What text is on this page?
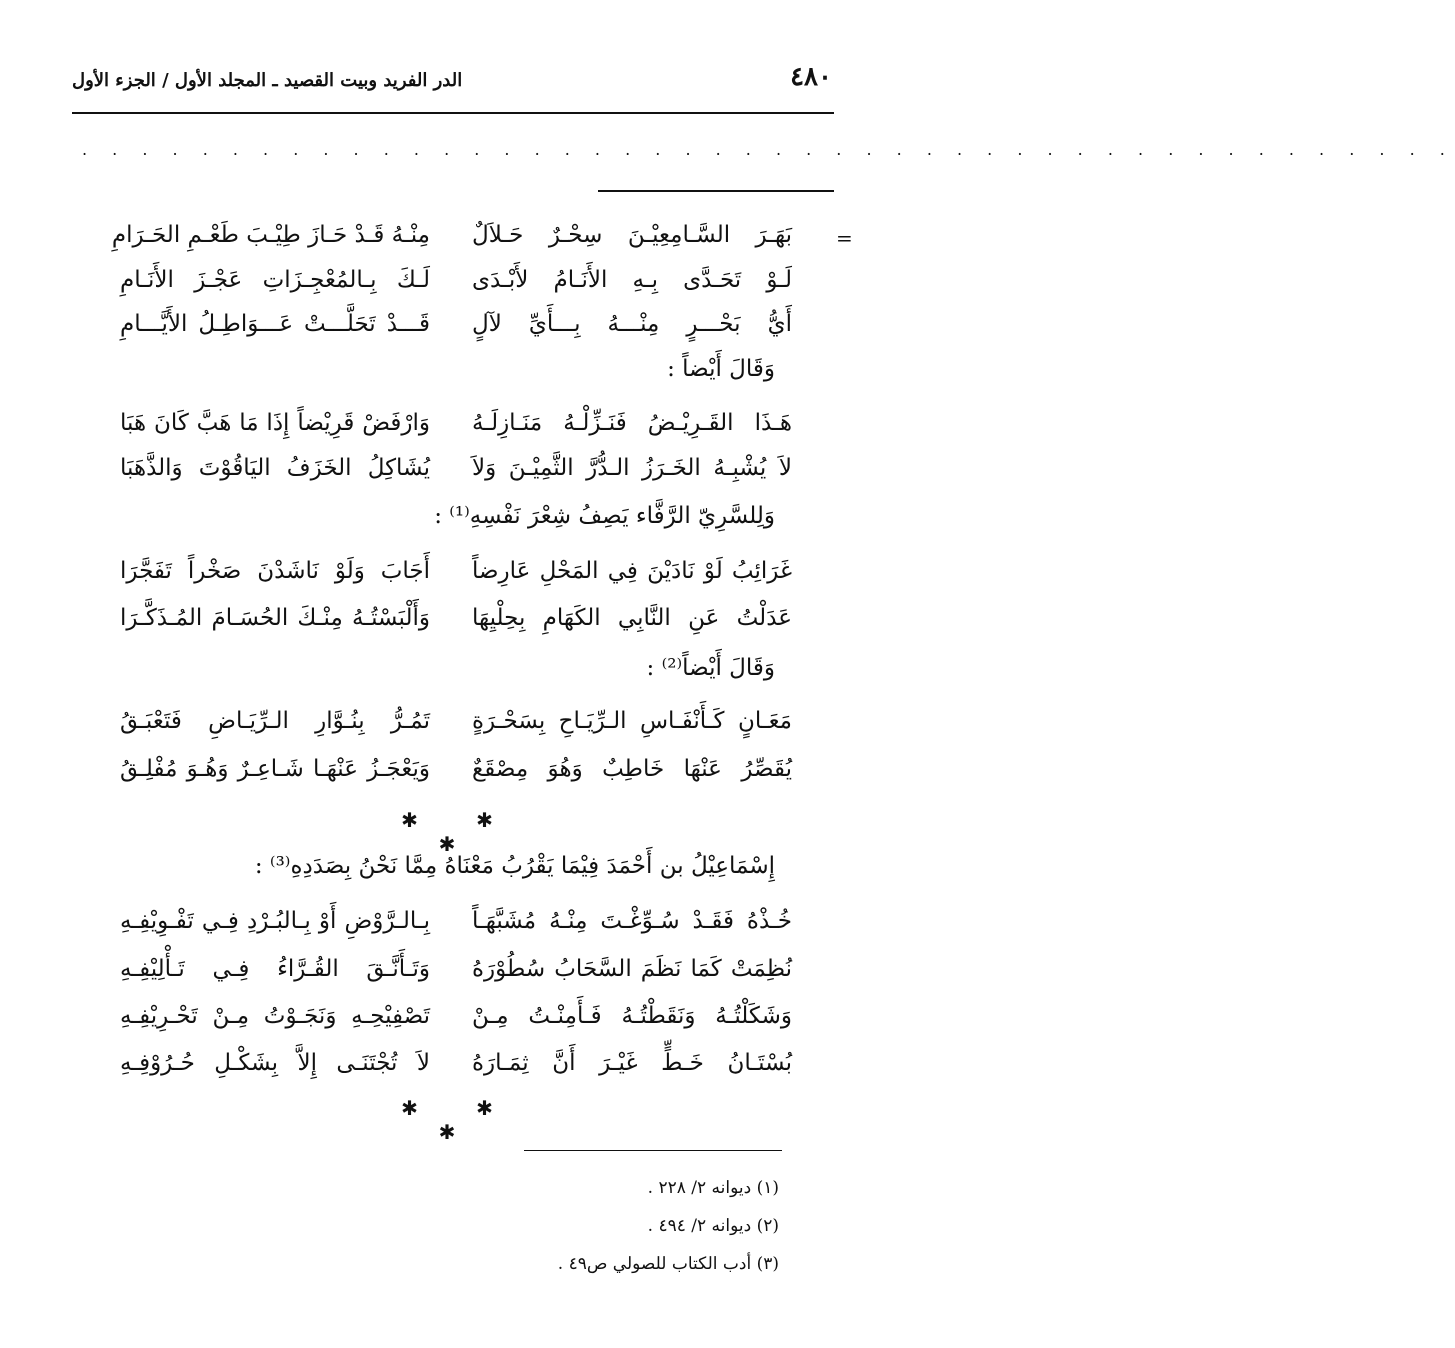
٤٨٠
الدر الفريد وبيت القصيد ـ المجلد الأول / الجزء الأول
. . . . . . . . . . . . . . . . . . . . . . . . . . . . . . . . . . . . . . . . . . . . . .
=
بَهَـرَ السَّـامِعِيْـنَ سِحْـرٌ حَـلاَلٌ
مِنْـهُ قَـدْ حَـازَ طِيْـبَ طَعْـمِ الحَـرَامِ
لَـوْ تَحَـدَّى بِـهِ الأَنَـامُ لأَبْـدَى
لَـكَ بِـالمُعْجِـزَاتِ عَجْـزَ الأَنَـامِ
أَيُّ بَحْـــرٍ مِنْـــهُ بِـــأَيِّ لآلٍ
قَـــدْ تَحَلَّـــتْ عَـــوَاطِـلُ الأَيَّـــامِ
وَقَالَ أَيْضاً :
هَـذَا القَـرِيْـضُ فَنَـزِّلْـهُ مَنَـازِلَـهُ
وَارْفَضْ قَرِيْضاً إِذَا مَا هَبَّ كَانَ هَبَا
لاَ يُشْبِـهُ الخَـرَزُ الـدُّرَّ الثَّمِيْـنَ وَلاَ
يُشَاكِلُ الخَزَفُ اليَاقُوْتَ وَالذَّهَبَا
وَلِلسَّرِيّ الرَّفَّاء يَصِفُ شِعْرَ نَفْسِهِ⁽¹⁾ :
غَرَائِبُ لَوْ نَادَيْنَ فِي المَحْلِ عَارِضاً
أَجَابَ وَلَوْ نَاشَدْنَ صَخْراً تَفَجَّرَا
عَدَلْتُ عَنِ النَّابِي الكَهَامِ بِحِلْيِهَا
وَأَلْبَسْتُـهُ مِنْـكَ الحُسَـامَ المُـذَكَّـرَا
وَقَالَ أَيْضاً⁽²⁾ :
مَعَـانٍ كَـأَنْفَـاسِ الـرِّيَـاحِ بِسَحْـرَةٍ
تَمُـرُّ بِنُـوَّارِ الـرِّيَـاضِ فَتَعْبَـقُ
يُقَصِّرُ عَنْهَا خَاطِبٌ وَهُوَ مِصْقَعٌ
وَيَعْجَـزُ عَنْهَـا شَـاعِـرٌ وَهُـوَ مُفْلِـقُ
✱ ✱ ✱
إِسْمَاعِيْلُ بن أَحْمَدَ فِيْمَا يَقْرُبُ مَعْنَاهُ مِمَّا نَحْنُ بِصَدَدِهِ⁽³⁾ :
خُـذْهُ فَقَـدْ سُـوِّغْـتَ مِنْـهُ مُشَبَّهَـاً
بِـالـرَّوْضِ أَوْ بِـالبُـرْدِ فِـي تَفْـوِيْفِـهِ
نُظِمَتْ كَمَا نَظَمَ السَّحَابُ سُطُوْرَهُ
وَتَـأَنَّـقَ القُـرَّاءُ فِـي تَـأْلِيْفِـهِ
وَشَكَلْتُـهُ وَنَقَطْتُـهُ فَـأَمِنْـتُ مِـنْ
تَصْفِيْحِـهِ وَنَجَـوْتُ مِـنْ تَحْـرِيْفِـهِ
بُسْتَـانُ خَـطٍّ غَيْـرَ أَنَّ ثِمَـارَهُ
لاَ تُجْتَنَـى إِلاَّ بِشَكْـلِ حُـرُوْفِـهِ
✱ ✱ ✱
(١) ديوانه ٢/ ٢٢٨ .
(٢) ديوانه ٢/ ٤٩٤ .
(٣) أدب الكتاب للصولي ص٤٩ .
